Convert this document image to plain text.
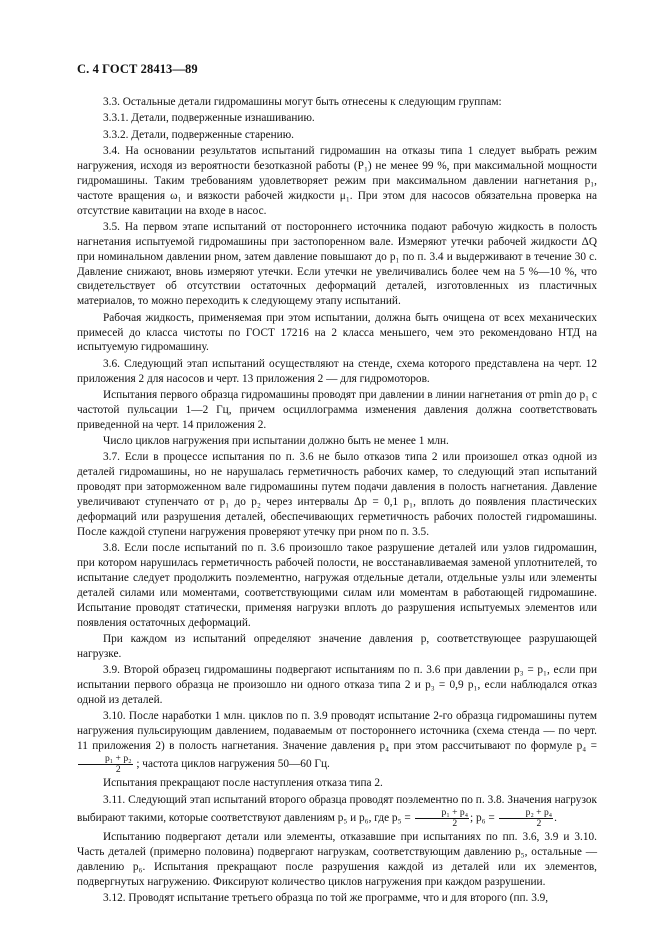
С. 4 ГОСТ 28413—89

3.3. Остальные детали гидромашины могут быть отнесены к следующим группам:

3.3.1. Детали, подверженные изнашиванию.

3.3.2. Детали, подверженные старению.

3.4. На основании результатов испытаний гидромашин на отказы типа 1 следует выбрать режим нагружения, исходя из вероятности безотказной работы (P₁) не менее 99 %, при максимальной мощности гидромашины. Таким требованиям удовлетворяет режим при максимальном давлении нагнетания p₁, частоте вращения ω₁ и вязкости рабочей жидкости μ₁. При этом для насосов обязательна проверка на отсутствие кавитации на входе в насос.

3.5. На первом этапе испытаний от постороннего источника подают рабочую жидкость в полость нагнетания испытуемой гидромашины при застопоренном вале. Измеряют утечки рабочей жидкости ΔQ при номинальном давлении pном, затем давление повышают до p₁ по п. 3.4 и выдерживают в течение 30 с. Давление снижают, вновь измеряют утечки. Если утечки не увеличивались более чем на 5 %—10 %, что свидетельствует об отсутствии остаточных деформаций деталей, изготовленных из пластичных материалов, то можно переходить к следующему этапу испытаний.

Рабочая жидкость, применяемая при этом испытании, должна быть очищена от всех механических примесей до класса чистоты по ГОСТ 17216 на 2 класса меньшего, чем это рекомендовано НТД на испытуемую гидромашину.

3.6. Следующий этап испытаний осуществляют на стенде, схема которого представлена на черт. 12 приложения 2 для насосов и черт. 13 приложения 2 — для гидромоторов.

Испытания первого образца гидромашины проводят при давлении в линии нагнетания от pmin до p₁ с частотой пульсации 1—2 Гц, причем осциллограмма изменения давления должна соответствовать приведенной на черт. 14 приложения 2.

Число циклов нагружения при испытании должно быть не менее 1 млн.

3.7. Если в процессе испытания по п. 3.6 не было отказов типа 2 или произошел отказ одной из деталей гидромашины, но не нарушалась герметичность рабочих камер, то следующий этап испытаний проводят при заторможенном вале гидромашины путем подачи давления в полость нагнетания. Давление увеличивают ступенчато от p₁ до p₂ через интервалы Δp = 0,1 p₁, вплоть до появления пластических деформаций или разрушения деталей, обеспечивающих герметичность рабочих полостей гидромашины. После каждой ступени нагружения проверяют утечку при pном по п. 3.5.

3.8. Если после испытаний по п. 3.6 произошло такое разрушение деталей или узлов гидромашин, при котором нарушилась герметичность рабочей полости, не восстанавливаемая заменой уплотнителей, то испытание следует продолжить поэлементно, нагружая отдельные детали, отдельные узлы или элементы деталей силами или моментами, соответствующими силам или моментам в работающей гидромашине. Испытание проводят статически, применяя нагрузки вплоть до разрушения испытуемых элементов или появления остаточных деформаций.

При каждом из испытаний определяют значение давления p, соответствующее разрушающей нагрузке.

3.9. Второй образец гидромашины подвергают испытаниям по п. 3.6 при давлении p₃ = p₁, если при испытании первого образца не произошло ни одного отказа типа 2 и p₃ = 0,9 p₁, если наблюдался отказ одной из деталей.

3.10. После наработки 1 млн. циклов по п. 3.9 проводят испытание 2-го образца гидромашины путем нагружения пульсирующим давлением, подаваемым от постороннего источника (схема стенда — по черт. 11 приложения 2) в полость нагнетания. Значение давления p₄ при этом рассчитывают по формуле p₄ =
$\frac{\text{p₁ + p₂}}{2}$ ; частота циклов нагружения 50—60 Гц.

Испытания прекращают после наступления отказа типа 2.

3.11. Следующий этап испытаний второго образца проводят поэлементно по п. 3.8. Значения нагрузок выбирают такими, которые соответствуют давлениям p₅ и p₆, где $p_5 = \frac{\text{p₁ + p₄}}{2}$ ; $p_6 = \frac{\text{p₂ + p₄}}{2}$ .

Испытанию подвергают детали или элементы, отказавшие при испытаниях по пп. 3.6, 3.9 и 3.10. Часть деталей (примерно половина) подвергают нагрузкам, соответствующим давлению p₅, остальные — давлению p₆. Испытания прекращают после разрушения каждой из деталей или их элементов, подвергнутых нагружению. Фиксируют количество циклов нагружения при каждом разрушении.

3.12. Проводят испытание третьего образца по той же программе, что и для второго (пп. 3.9,
